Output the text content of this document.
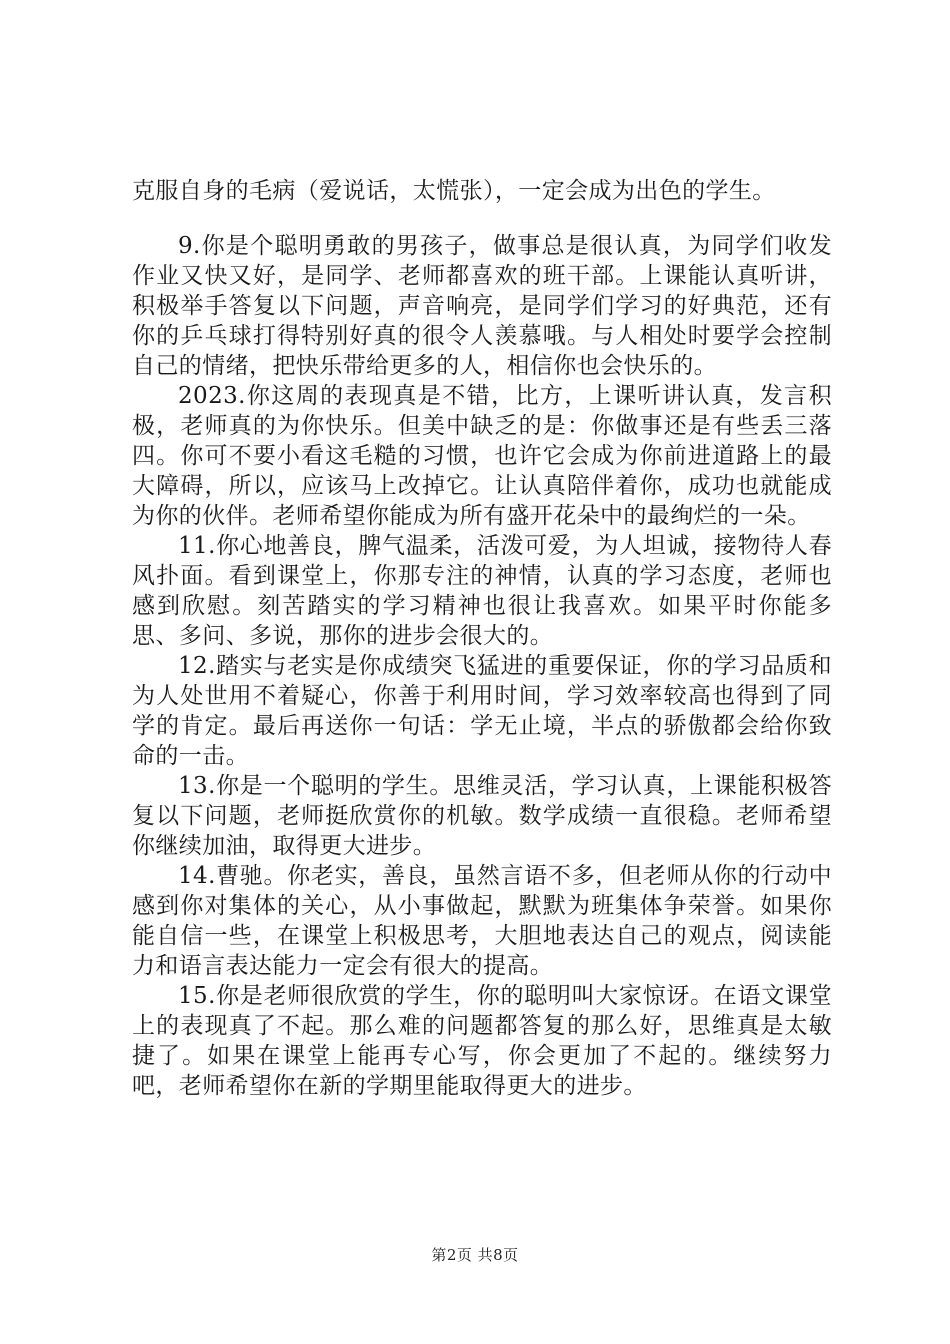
克服自身的毛病（爱说话，太慌张），一定会成为出色的学生。

9.你是个聪明勇敢的男孩子，做事总是很认真，为同学们收发作业又快又好，是同学、老师都喜欢的班干部。上课能认真听讲，积极举手答复以下问题，声音响亮，是同学们学习的好典范，还有你的乒乓球打得特别好真的很令人羡慕哦。与人相处时要学会控制自己的情绪，把快乐带给更多的人，相信你也会快乐的。

2023.你这周的表现真是不错，比方，上课听讲认真，发言积极，老师真的为你快乐。但美中缺乏的是：你做事还是有些丢三落四。你可不要小看这毛糙的习惯，也许它会成为你前进道路上的最大障碍，所以，应该马上改掉它。让认真陪伴着你，成功也就能成为你的伙伴。老师希望你能成为所有盛开花朵中的最绚烂的一朵。

11.你心地善良，脾气温柔，活泼可爱，为人坦诚，接物待人春风扑面。看到课堂上，你那专注的神情，认真的学习态度，老师也感到欣慰。刻苦踏实的学习精神也很让我喜欢。如果平时你能多思、多问、多说，那你的进步会很大的。

12.踏实与老实是你成绩突飞猛进的重要保证，你的学习品质和为人处世用不着疑心，你善于利用时间，学习效率较高也得到了同学的肯定。最后再送你一句话：学无止境，半点的骄傲都会给你致命的一击。

13.你是一个聪明的学生。思维灵活，学习认真，上课能积极答复以下问题，老师挺欣赏你的机敏。数学成绩一直很稳。老师希望你继续加油，取得更大进步。

14.曹驰。你老实，善良，虽然言语不多，但老师从你的行动中感到你对集体的关心，从小事做起，默默为班集体争荣誉。如果你能自信一些，在课堂上积极思考，大胆地表达自己的观点，阅读能力和语言表达能力一定会有很大的提高。

15.你是老师很欣赏的学生，你的聪明叫大家惊讶。在语文课堂上的表现真了不起。那么难的问题都答复的那么好，思维真是太敏捷了。如果在课堂上能再专心写，你会更加了不起的。继续努力吧，老师希望你在新的学期里能取得更大的进步。

第2页 共8页
